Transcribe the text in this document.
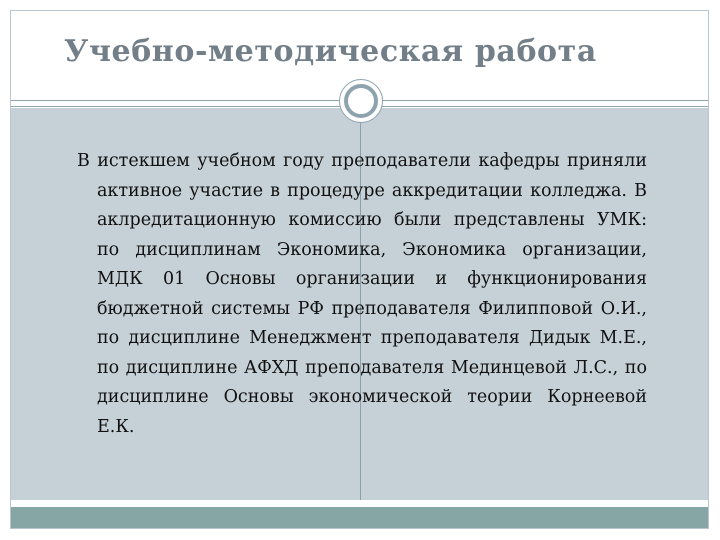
Учебно-методическая работа

В истекшем учебном году преподаватели кафедры приняли активное участие в процедуре аккредитации колледжа. В аклредитационную комиссию были представлены УМК: по дисциплинам Экономика, Экономика организации, МДК 01 Основы организации и функционирования бюджетной системы РФ преподавателя Филипповой О.И., по дисциплине Менеджмент преподавателя Дидык М.Е., по дисциплине АФХД преподавателя Мединцевой Л.С., по дисциплине Основы экономической теории Корнеевой Е.К.
